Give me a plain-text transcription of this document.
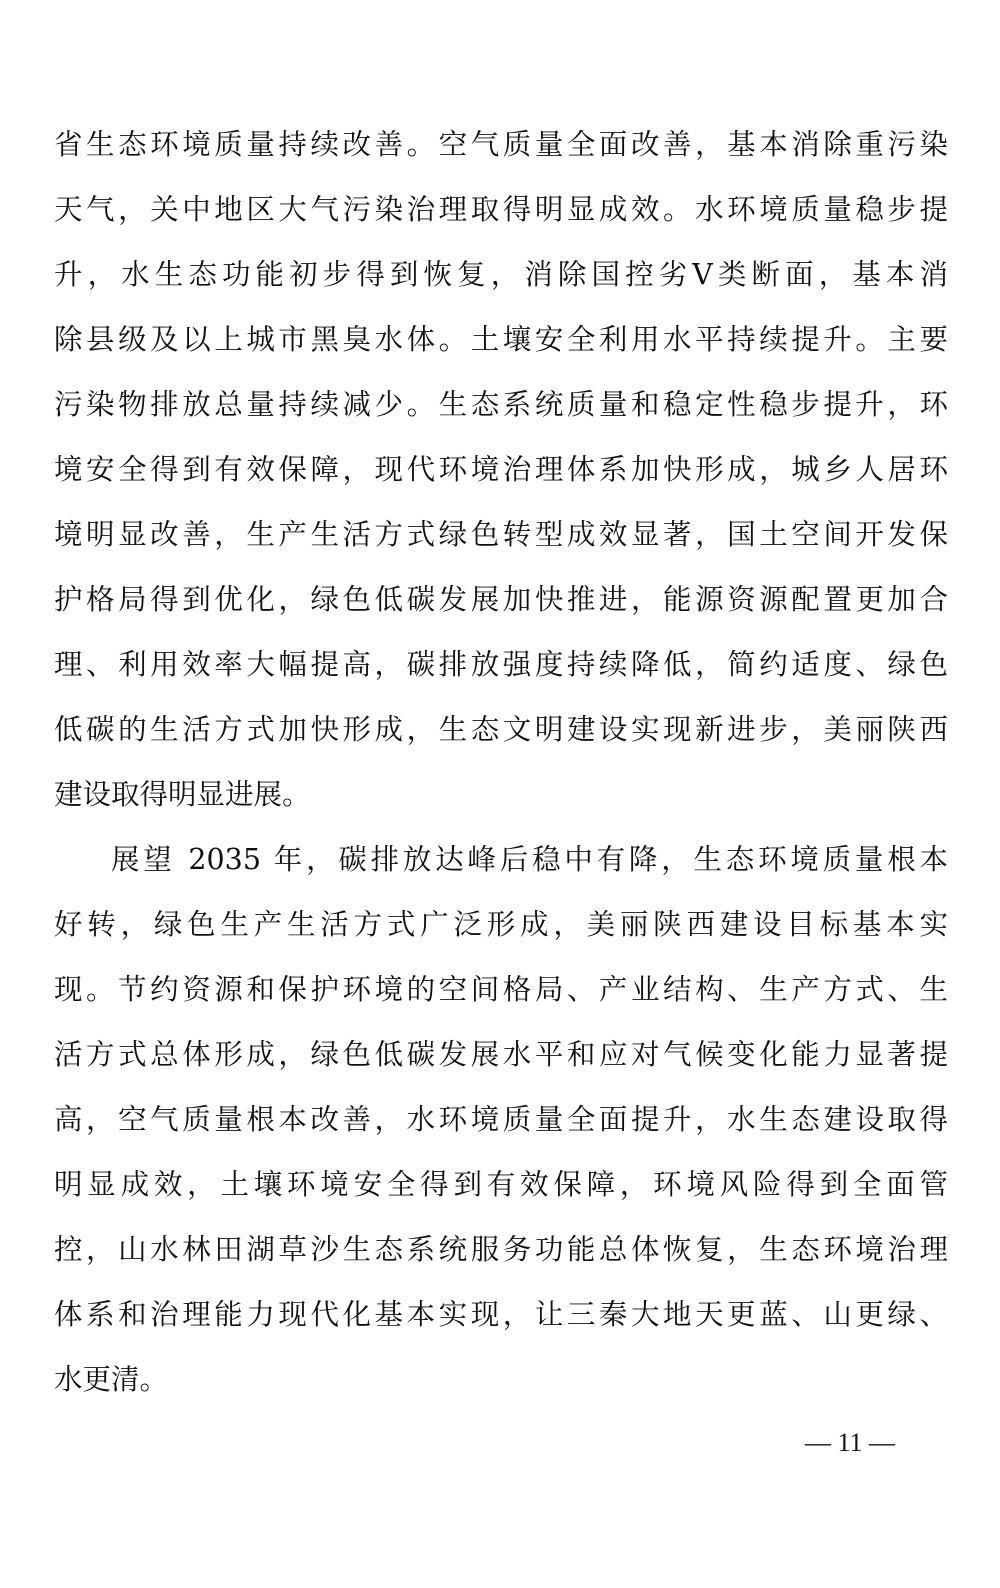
省生态环境质量持续改善。空气质量全面改善，基本消除重污染
天气，关中地区大气污染治理取得明显成效。水环境质量稳步提
升，水生态功能初步得到恢复，消除国控劣Ⅴ类断面，基本消
除县级及以上城市黑臭水体。土壤安全利用水平持续提升。主要
污染物排放总量持续减少。生态系统质量和稳定性稳步提升，环
境安全得到有效保障，现代环境治理体系加快形成，城乡人居环
境明显改善，生产生活方式绿色转型成效显著，国土空间开发保
护格局得到优化，绿色低碳发展加快推进，能源资源配置更加合
理、利用效率大幅提高，碳排放强度持续降低，简约适度、绿色
低碳的生活方式加快形成，生态文明建设实现新进步，美丽陕西
建设取得明显进展。
展望 2035 年，碳排放达峰后稳中有降，生态环境质量根本
好转，绿色生产生活方式广泛形成，美丽陕西建设目标基本实
现。节约资源和保护环境的空间格局、产业结构、生产方式、生
活方式总体形成，绿色低碳发展水平和应对气候变化能力显著提
高，空气质量根本改善，水环境质量全面提升，水生态建设取得
明显成效，土壤环境安全得到有效保障，环境风险得到全面管
控，山水林田湖草沙生态系统服务功能总体恢复，生态环境治理
体系和治理能力现代化基本实现，让三秦大地天更蓝、山更绿、
水更清。
— 11 —
